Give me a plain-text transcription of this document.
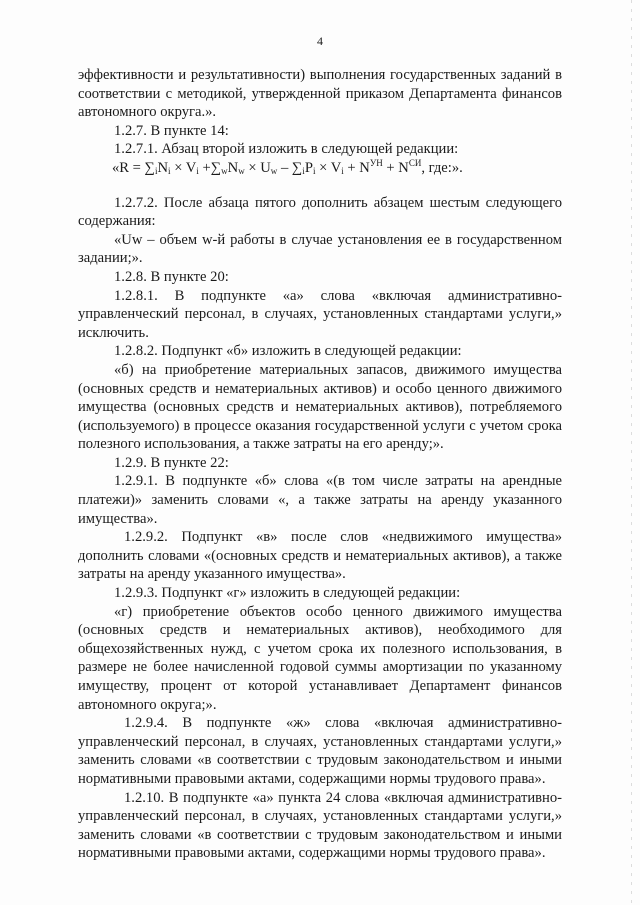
4

эффективности и результативности) выполнения государственных заданий в соответствии с методикой, утвержденной приказом Департамента финансов автономного округа.».

1.2.7. В пункте 14:

1.2.7.1. Абзац второй изложить в следующей редакции:

«$R = \sum_iN_i \times V_i +\sum_wN_w \times U_w - \sum_iP_i \times V_i + N^{УН} + N^{СИ}$, где:».

1.2.7.2. После абзаца пятого дополнить абзацем шестым следующего содержания:

«Uw – объем w-й работы в случае установления ее в государственном задании;».

1.2.8. В пункте 20:

1.2.8.1. В подпункте «а» слова «включая административно-управленческий персонал, в случаях, установленных стандартами услуги,» исключить.

1.2.8.2. Подпункт «б» изложить в следующей редакции:

«б) на приобретение материальных запасов, движимого имущества (основных средств и нематериальных активов) и особо ценного движимого имущества (основных средств и нематериальных активов), потребляемого (используемого) в процессе оказания государственной услуги с учетом срока полезного использования, а также затраты на его аренду;».

1.2.9. В пункте 22:

1.2.9.1. В подпункте «б» слова «(в том числе затраты на арендные платежи)» заменить словами «, а также затраты на аренду указанного имущества».

1.2.9.2. Подпункт «в» после слов «недвижимого имущества» дополнить словами «(основных средств и нематериальных активов), а также затраты на аренду указанного имущества».

1.2.9.3. Подпункт «г» изложить в следующей редакции:

«г) приобретение объектов особо ценного движимого имущества (основных средств и нематериальных активов), необходимого для общехозяйственных нужд, с учетом срока их полезного использования, в размере не более начисленной годовой суммы амортизации по указанному имуществу, процент от которой устанавливает Департамент финансов автономного округа;».

1.2.9.4. В подпункте «ж» слова «включая административно-управленческий персонал, в случаях, установленных стандартами услуги,» заменить словами «в соответствии с трудовым законодательством и иными нормативными правовыми актами, содержащими нормы трудового права».

1.2.10. В подпункте «а» пункта 24 слова «включая административно-управленческий персонал, в случаях, установленных стандартами услуги,» заменить словами «в соответствии с трудовым законодательством и иными нормативными правовыми актами, содержащими нормы трудового права».
